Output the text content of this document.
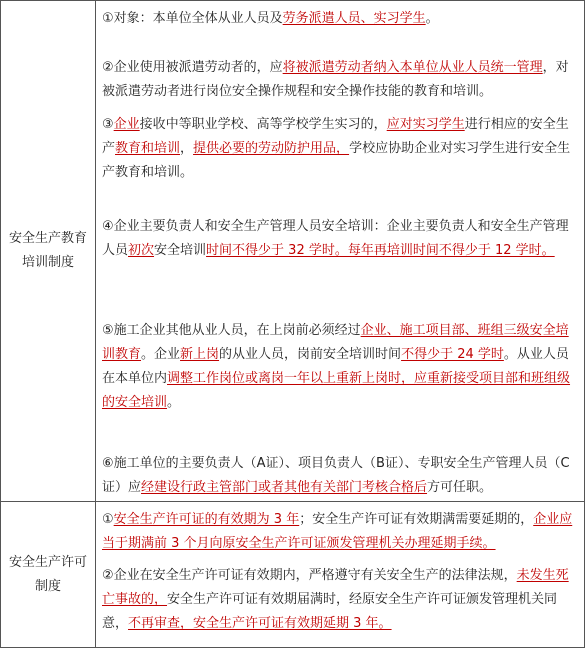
安全生产教育培训制度

①对象：本单位全体从业人员及劳务派遣人员、实习学生。

②企业使用被派遣劳动者的，应将被派遣劳动者纳入本单位从业人员统一管理，对被派遣劳动者进行岗位安全操作规程和安全操作技能的教育和培训。

③企业接收中等职业学校、高等学校学生实习的，应对实习学生进行相应的安全生产教育和培训，提供必要的劳动防护用品，学校应协助企业对实习学生进行安全生产教育和培训。

④企业主要负责人和安全生产管理人员安全培训：企业主要负责人和安全生产管理人员初次安全培训时间不得少于 32 学时。每年再培训时间不得少于 12 学时。

⑤施工企业其他从业人员，在上岗前必须经过企业、施工项目部、班组三级安全培训教育。企业新上岗的从业人员，岗前安全培训时间不得少于 24 学时。从业人员在本单位内调整工作岗位或离岗一年以上重新上岗时，应重新接受项目部和班组级的安全培训。

⑥施工单位的主要负责人（A证）、项目负责人（B证）、专职安全生产管理人员（C证）应经建设行政主管部门或者其他有关部门考核合格后方可任职。

安全生产许可制度

①安全生产许可证的有效期为 3 年；安全生产许可证有效期满需要延期的，企业应当于期满前 3 个月向原安全生产许可证颁发管理机关办理延期手续。

②企业在安全生产许可证有效期内，严格遵守有关安全生产的法律法规，未发生死亡事故的，安全生产许可证有效期届满时，经原安全生产许可证颁发管理机关同意，不再审查，安全生产许可证有效期延期 3 年。
